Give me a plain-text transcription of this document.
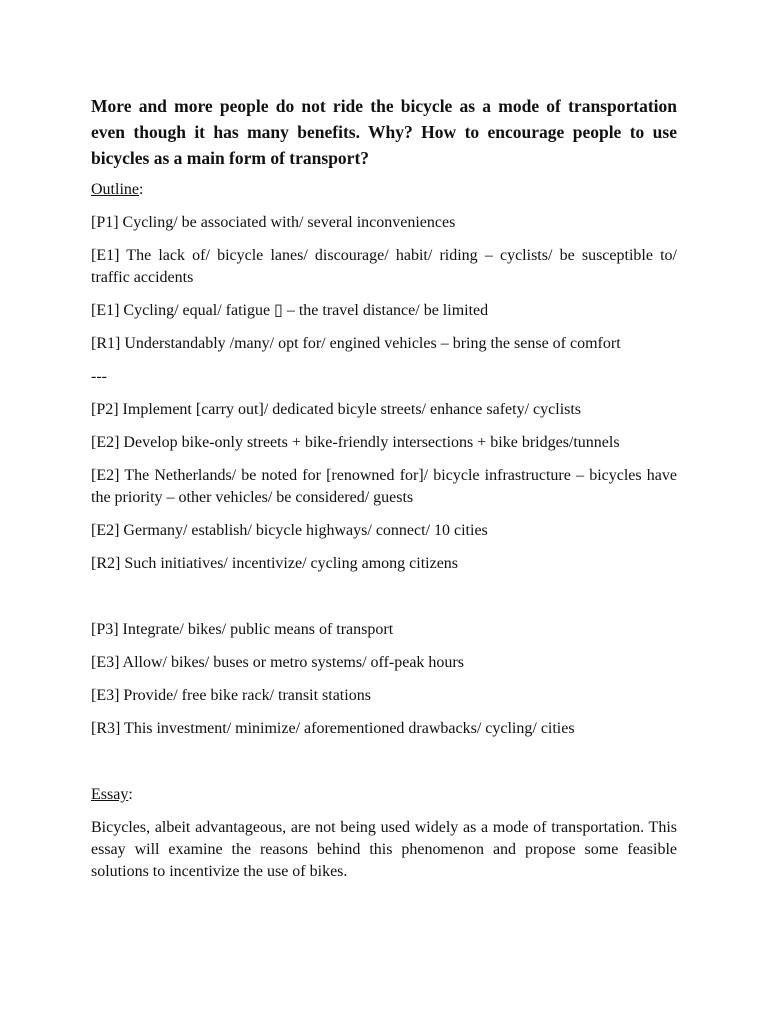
More and more people do not ride the bicycle as a mode of transportation even though it has many benefits. Why? How to encourage people to use bicycles as a main form of transport?

Outline:

[P1] Cycling/ be associated with/ several inconveniences

[E1] The lack of/ bicycle lanes/ discourage/ habit/ riding – cyclists/ be susceptible to/ traffic accidents

[E1] Cycling/ equal/ fatigue ▯ – the travel distance/ be limited

[R1] Understandably /many/ opt for/ engined vehicles – bring the sense of comfort

---

[P2] Implement [carry out]/ dedicated bicyle streets/ enhance safety/ cyclists

[E2] Develop bike-only streets + bike-friendly intersections + bike bridges/tunnels

[E2] The Netherlands/ be noted for [renowned for]/ bicycle infrastructure – bicycles have the priority – other vehicles/ be considered/ guests

[E2] Germany/ establish/ bicycle highways/ connect/ 10 cities

[R2] Such initiatives/ incentivize/ cycling among citizens

[P3] Integrate/ bikes/ public means of transport

[E3] Allow/ bikes/ buses or metro systems/ off-peak hours

[E3] Provide/ free bike rack/ transit stations

[R3] This investment/ minimize/ aforementioned drawbacks/ cycling/ cities

Essay:

Bicycles, albeit advantageous, are not being used widely as a mode of transportation. This essay will examine the reasons behind this phenomenon and propose some feasible solutions to incentivize the use of bikes.
